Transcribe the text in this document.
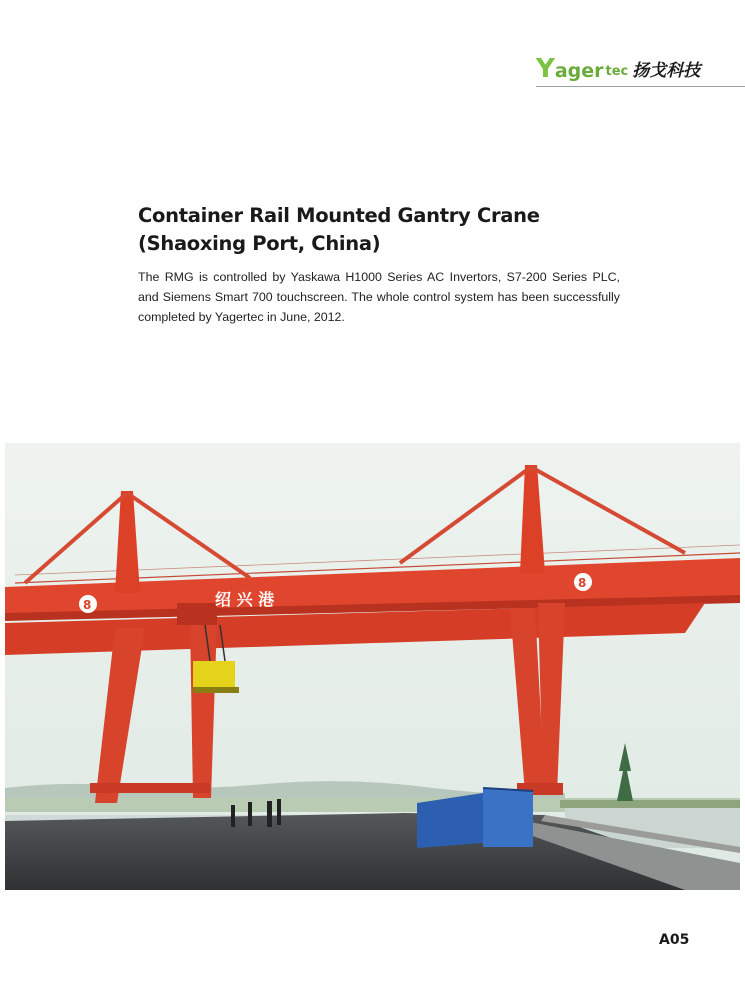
Y ager tec 扬戈科技
Container Rail Mounted Gantry Crane
(Shaoxing Port, China)

The RMG is controlled by Yaskawa H1000 Series AC Invertors, S7-200 Series PLC, and Siemens Smart 700 touchscreen. The whole control system has been successfully completed by Yagertec in June, 2012.

绍 兴 港
8
8
A05
